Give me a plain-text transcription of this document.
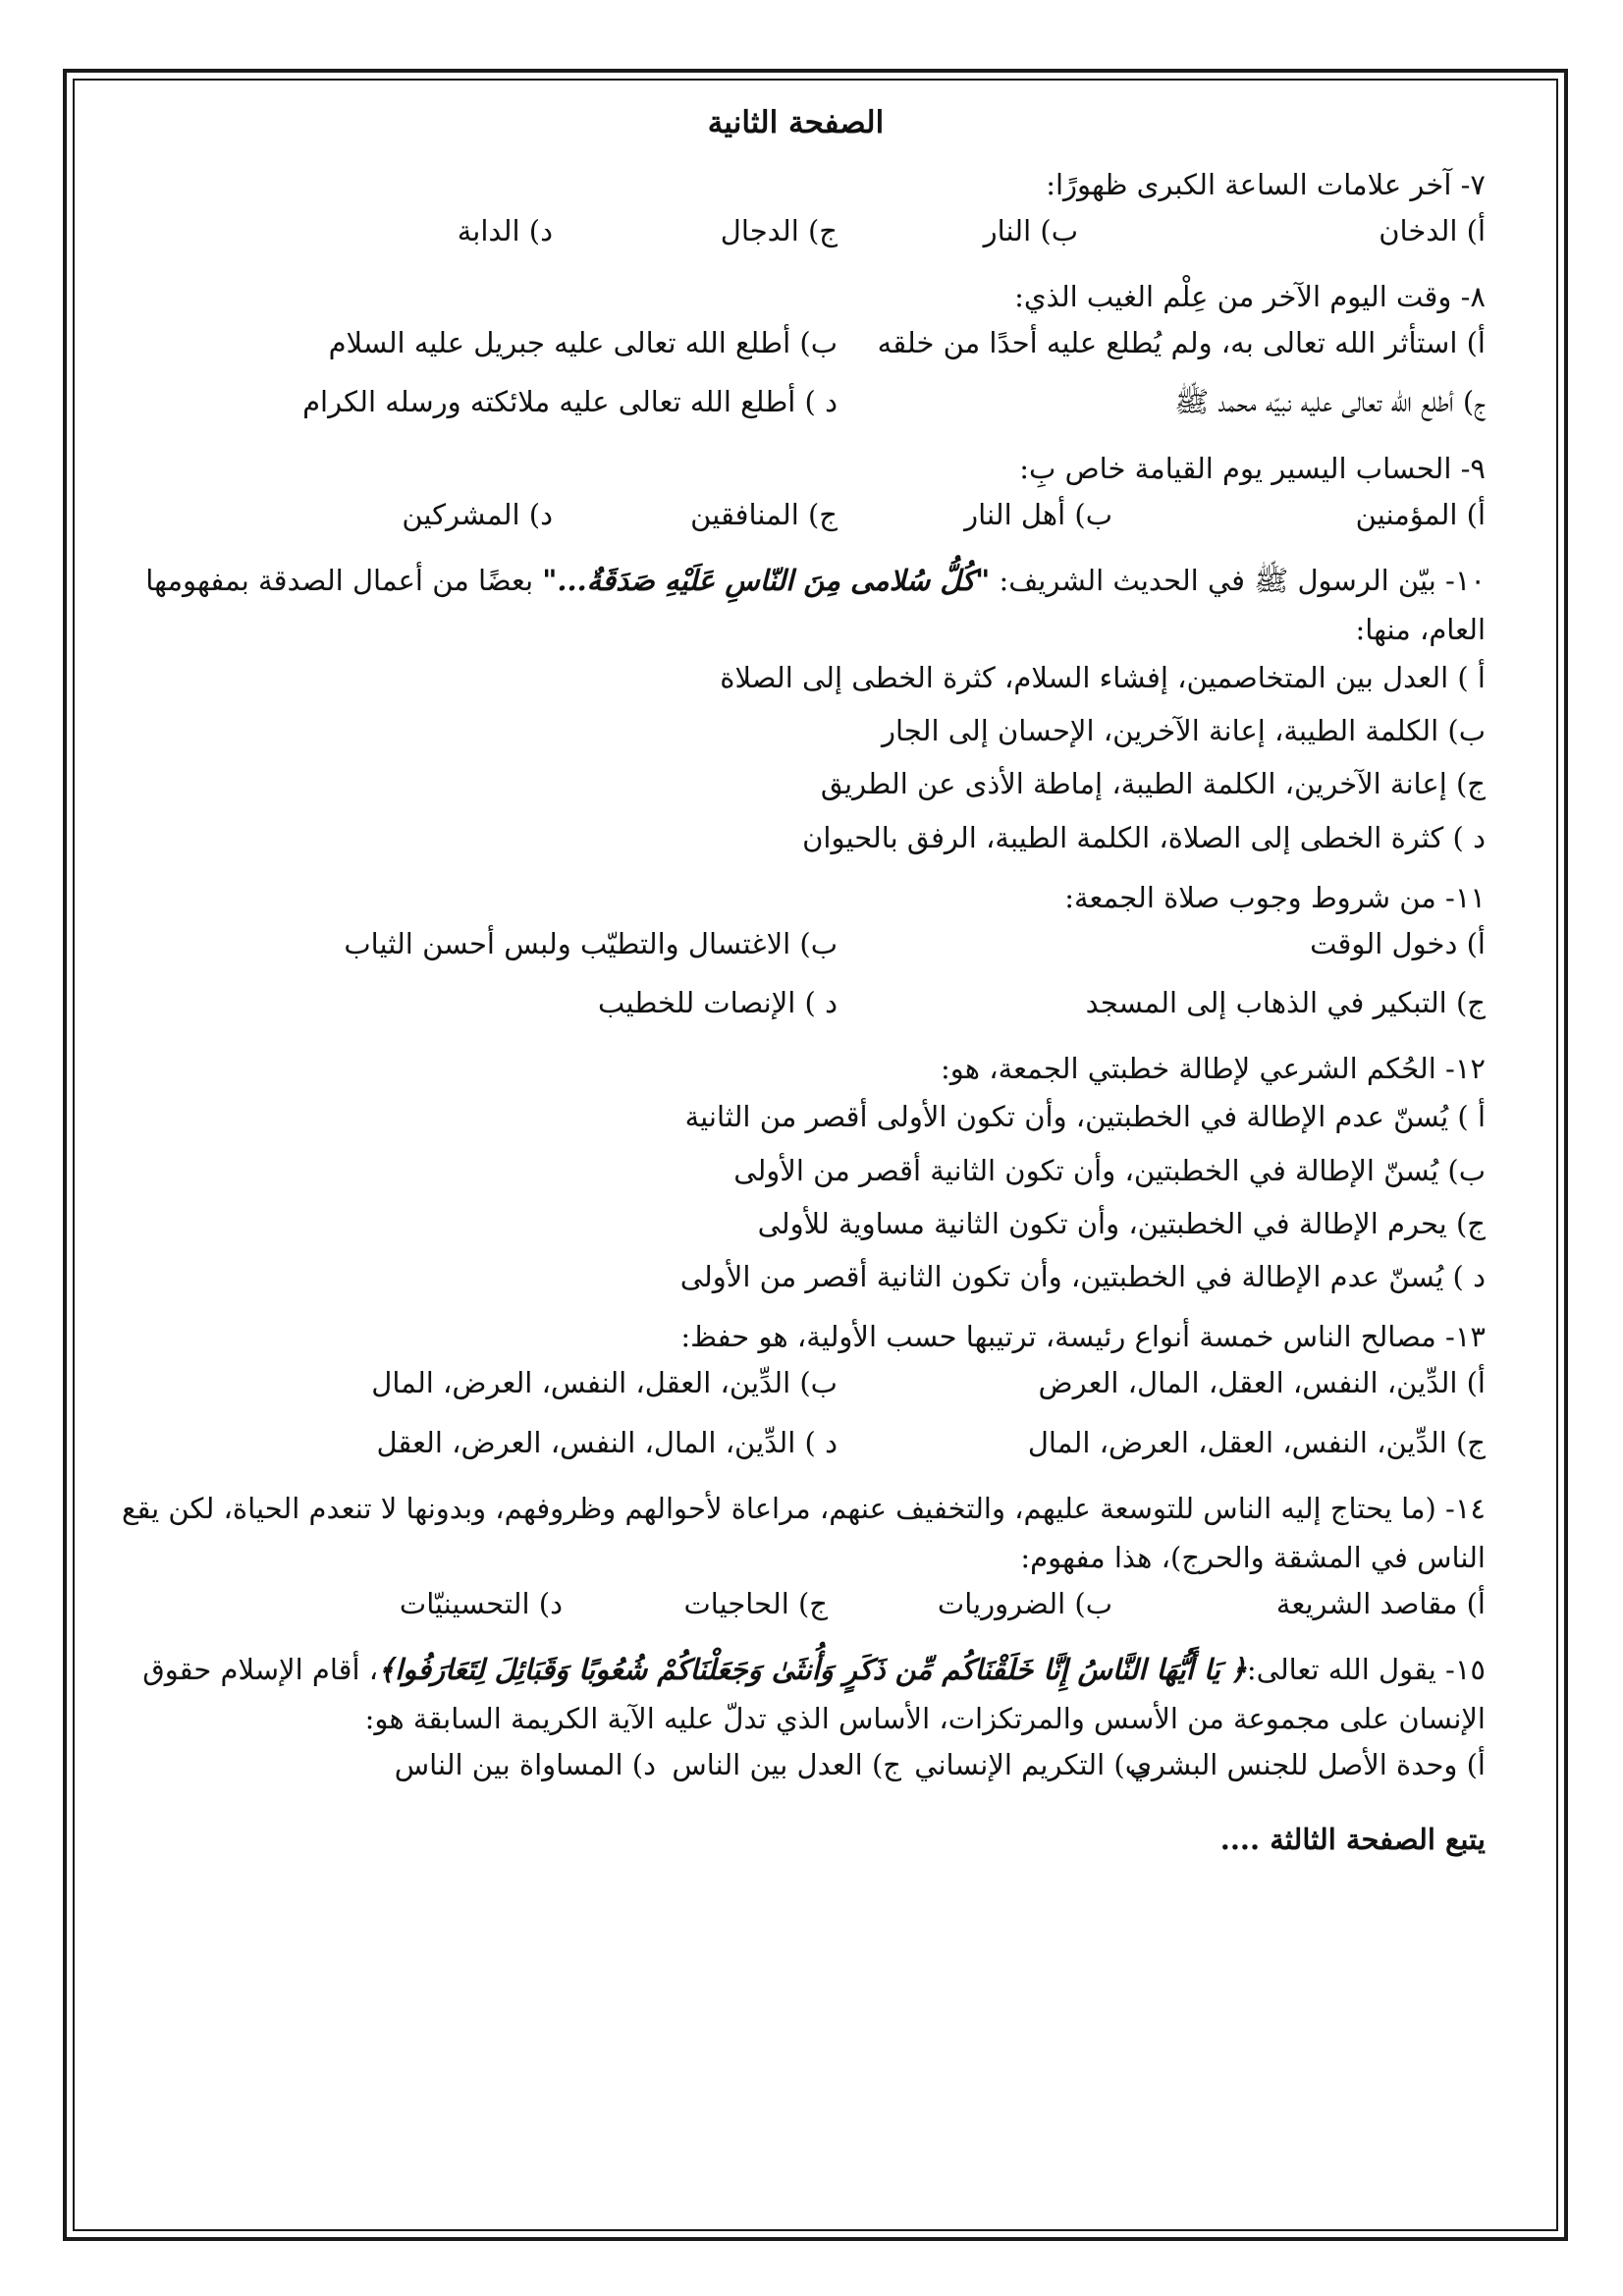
الصفحة الثانية
٧- آخر علامات الساعة الكبرى ظهورًا:
أ) الدخان
ب) النار
ج) الدجال
د) الدابة
٨- وقت اليوم الآخر من عِلْم الغيب الذي:
أ) استأثر الله تعالى به، ولم يُطلع عليه أحدًا من خلقه
ب) أطلع الله تعالى عليه جبريل عليه السلام
ج) أطلع الله تعالى عليه نبيّه محمد ﷺ
د ) أطلع الله تعالى عليه ملائكته ورسله الكرام
٩- الحساب اليسير يوم القيامة خاص بِ:
أ) المؤمنين
ب) أهل النار
ج) المنافقين
د) المشركين
١٠- بيّن الرسول ﷺ في الحديث الشريف: "كُلُّ سُلامى مِنَ النّاسِ عَلَيْهِ صَدَقَةٌ..." بعضًا من أعمال الصدقة بمفهومها العام، منها:
أ ) العدل بين المتخاصمين، إفشاء السلام، كثرة الخطى إلى الصلاة
ب) الكلمة الطيبة، إعانة الآخرين، الإحسان إلى الجار
ج) إعانة الآخرين، الكلمة الطيبة، إماطة الأذى عن الطريق
د ) كثرة الخطى إلى الصلاة، الكلمة الطيبة، الرفق بالحيوان
١١- من شروط وجوب صلاة الجمعة:
أ) دخول الوقت
ب) الاغتسال والتطيّب ولبس أحسن الثياب
ج) التبكير في الذهاب إلى المسجد
د ) الإنصات للخطيب
١٢- الحُكم الشرعي لإطالة خطبتي الجمعة، هو:
أ ) يُسنّ عدم الإطالة في الخطبتين، وأن تكون الأولى أقصر من الثانية
ب) يُسنّ الإطالة في الخطبتين، وأن تكون الثانية أقصر من الأولى
ج) يحرم الإطالة في الخطبتين، وأن تكون الثانية مساوية للأولى
د ) يُسنّ عدم الإطالة في الخطبتين، وأن تكون الثانية أقصر من الأولى
١٣- مصالح الناس خمسة أنواع رئيسة، ترتيبها حسب الأولية، هو حفظ:
أ) الدِّين، النفس، العقل، المال، العرض
ب) الدِّين، العقل، النفس، العرض، المال
ج) الدِّين، النفس، العقل، العرض، المال
د ) الدِّين، المال، النفس، العرض، العقل
١٤- (ما يحتاج إليه الناس للتوسعة عليهم، والتخفيف عنهم، مراعاة لأحوالهم وظروفهم، وبدونها لا تنعدم الحياة، لكن يقع الناس في المشقة والحرج)، هذا مفهوم:
أ) مقاصد الشريعة
ب) الضروريات
ج) الحاجيات
د) التحسينيّات
١٥- يقول الله تعالى:﴿ يَا أَيُّهَا النَّاسُ إِنَّا خَلَقْنَاكُم مِّن ذَكَرٍ وَأُنثَىٰ وَجَعَلْنَاكُمْ شُعُوبًا وَقَبَائِلَ لِتَعَارَفُوا﴾، أقام الإسلام حقوق الإنسان على مجموعة من الأسس والمرتكزات، الأساس الذي تدلّ عليه الآية الكريمة السابقة هو:
أ) وحدة الأصل للجنس البشري
ب) التكريم الإنساني
ج) العدل بين الناس
د) المساواة بين الناس
يتبع الصفحة الثالثة ....
